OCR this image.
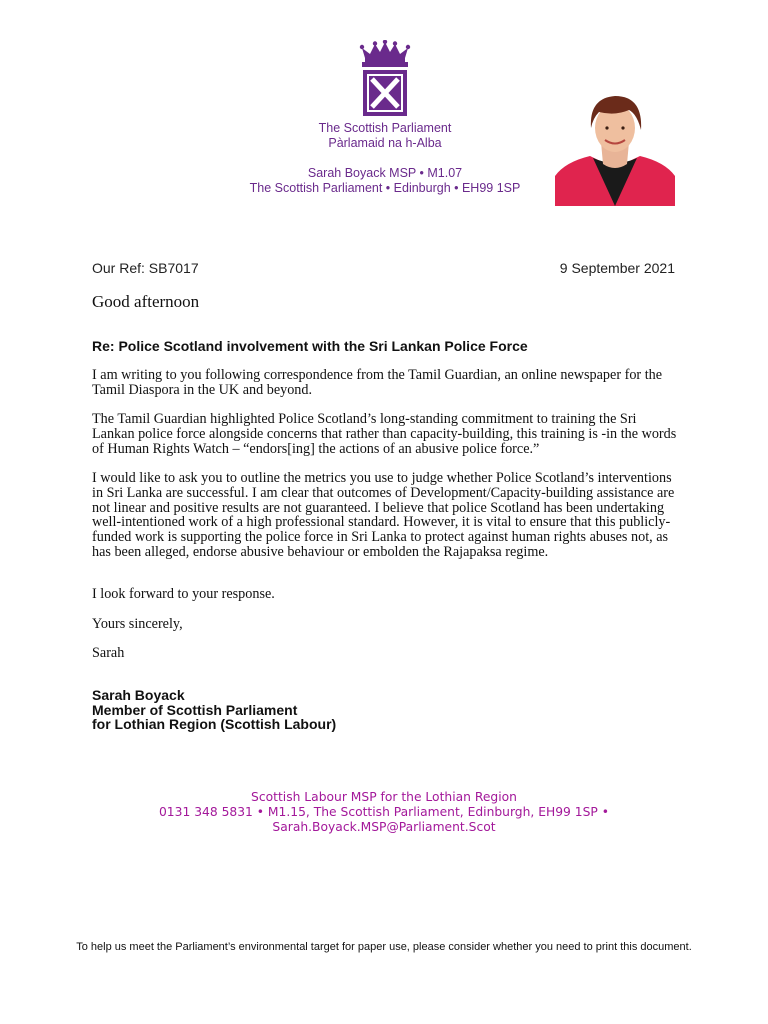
The Scottish Parliament
Pàrlamaid na h-Alba
Sarah Boyack MSP • M1.07
The Scottish Parliament • Edinburgh • EH99 1SP
Our Ref: SB7017	9 September 2021
Good afternoon
Re: Police Scotland involvement with the Sri Lankan Police Force
I am writing to you following correspondence from the Tamil Guardian, an online newspaper for the Tamil Diaspora in the UK and beyond.
The Tamil Guardian highlighted Police Scotland’s long-standing commitment to training the Sri Lankan police force alongside concerns that rather than capacity-building, this training is -in the words of Human Rights Watch – “endors[ing] the actions of an abusive police force.”
I would like to ask you to outline the metrics you use to judge whether Police Scotland’s interventions in Sri Lanka are successful. I am clear that outcomes of Development/Capacity-building assistance are not linear and positive results are not guaranteed. I believe that police Scotland has been undertaking well-intentioned work of a high professional standard. However, it is vital to ensure that this publicly-funded work is supporting the police force in Sri Lanka to protect against human rights abuses not, as has been alleged, endorse abusive behaviour or embolden the Rajapaksa regime.
I look forward to your response.
Yours sincerely,
Sarah
Sarah Boyack
Member of Scottish Parliament
for Lothian Region (Scottish Labour)
Scottish Labour MSP for the Lothian Region
0131 348 5831 • M1.15, The Scottish Parliament, Edinburgh, EH99 1SP •
Sarah.Boyack.MSP@Parliament.Scot
To help us meet the Parliament’s environmental target for paper use, please consider whether you need to print this document.
